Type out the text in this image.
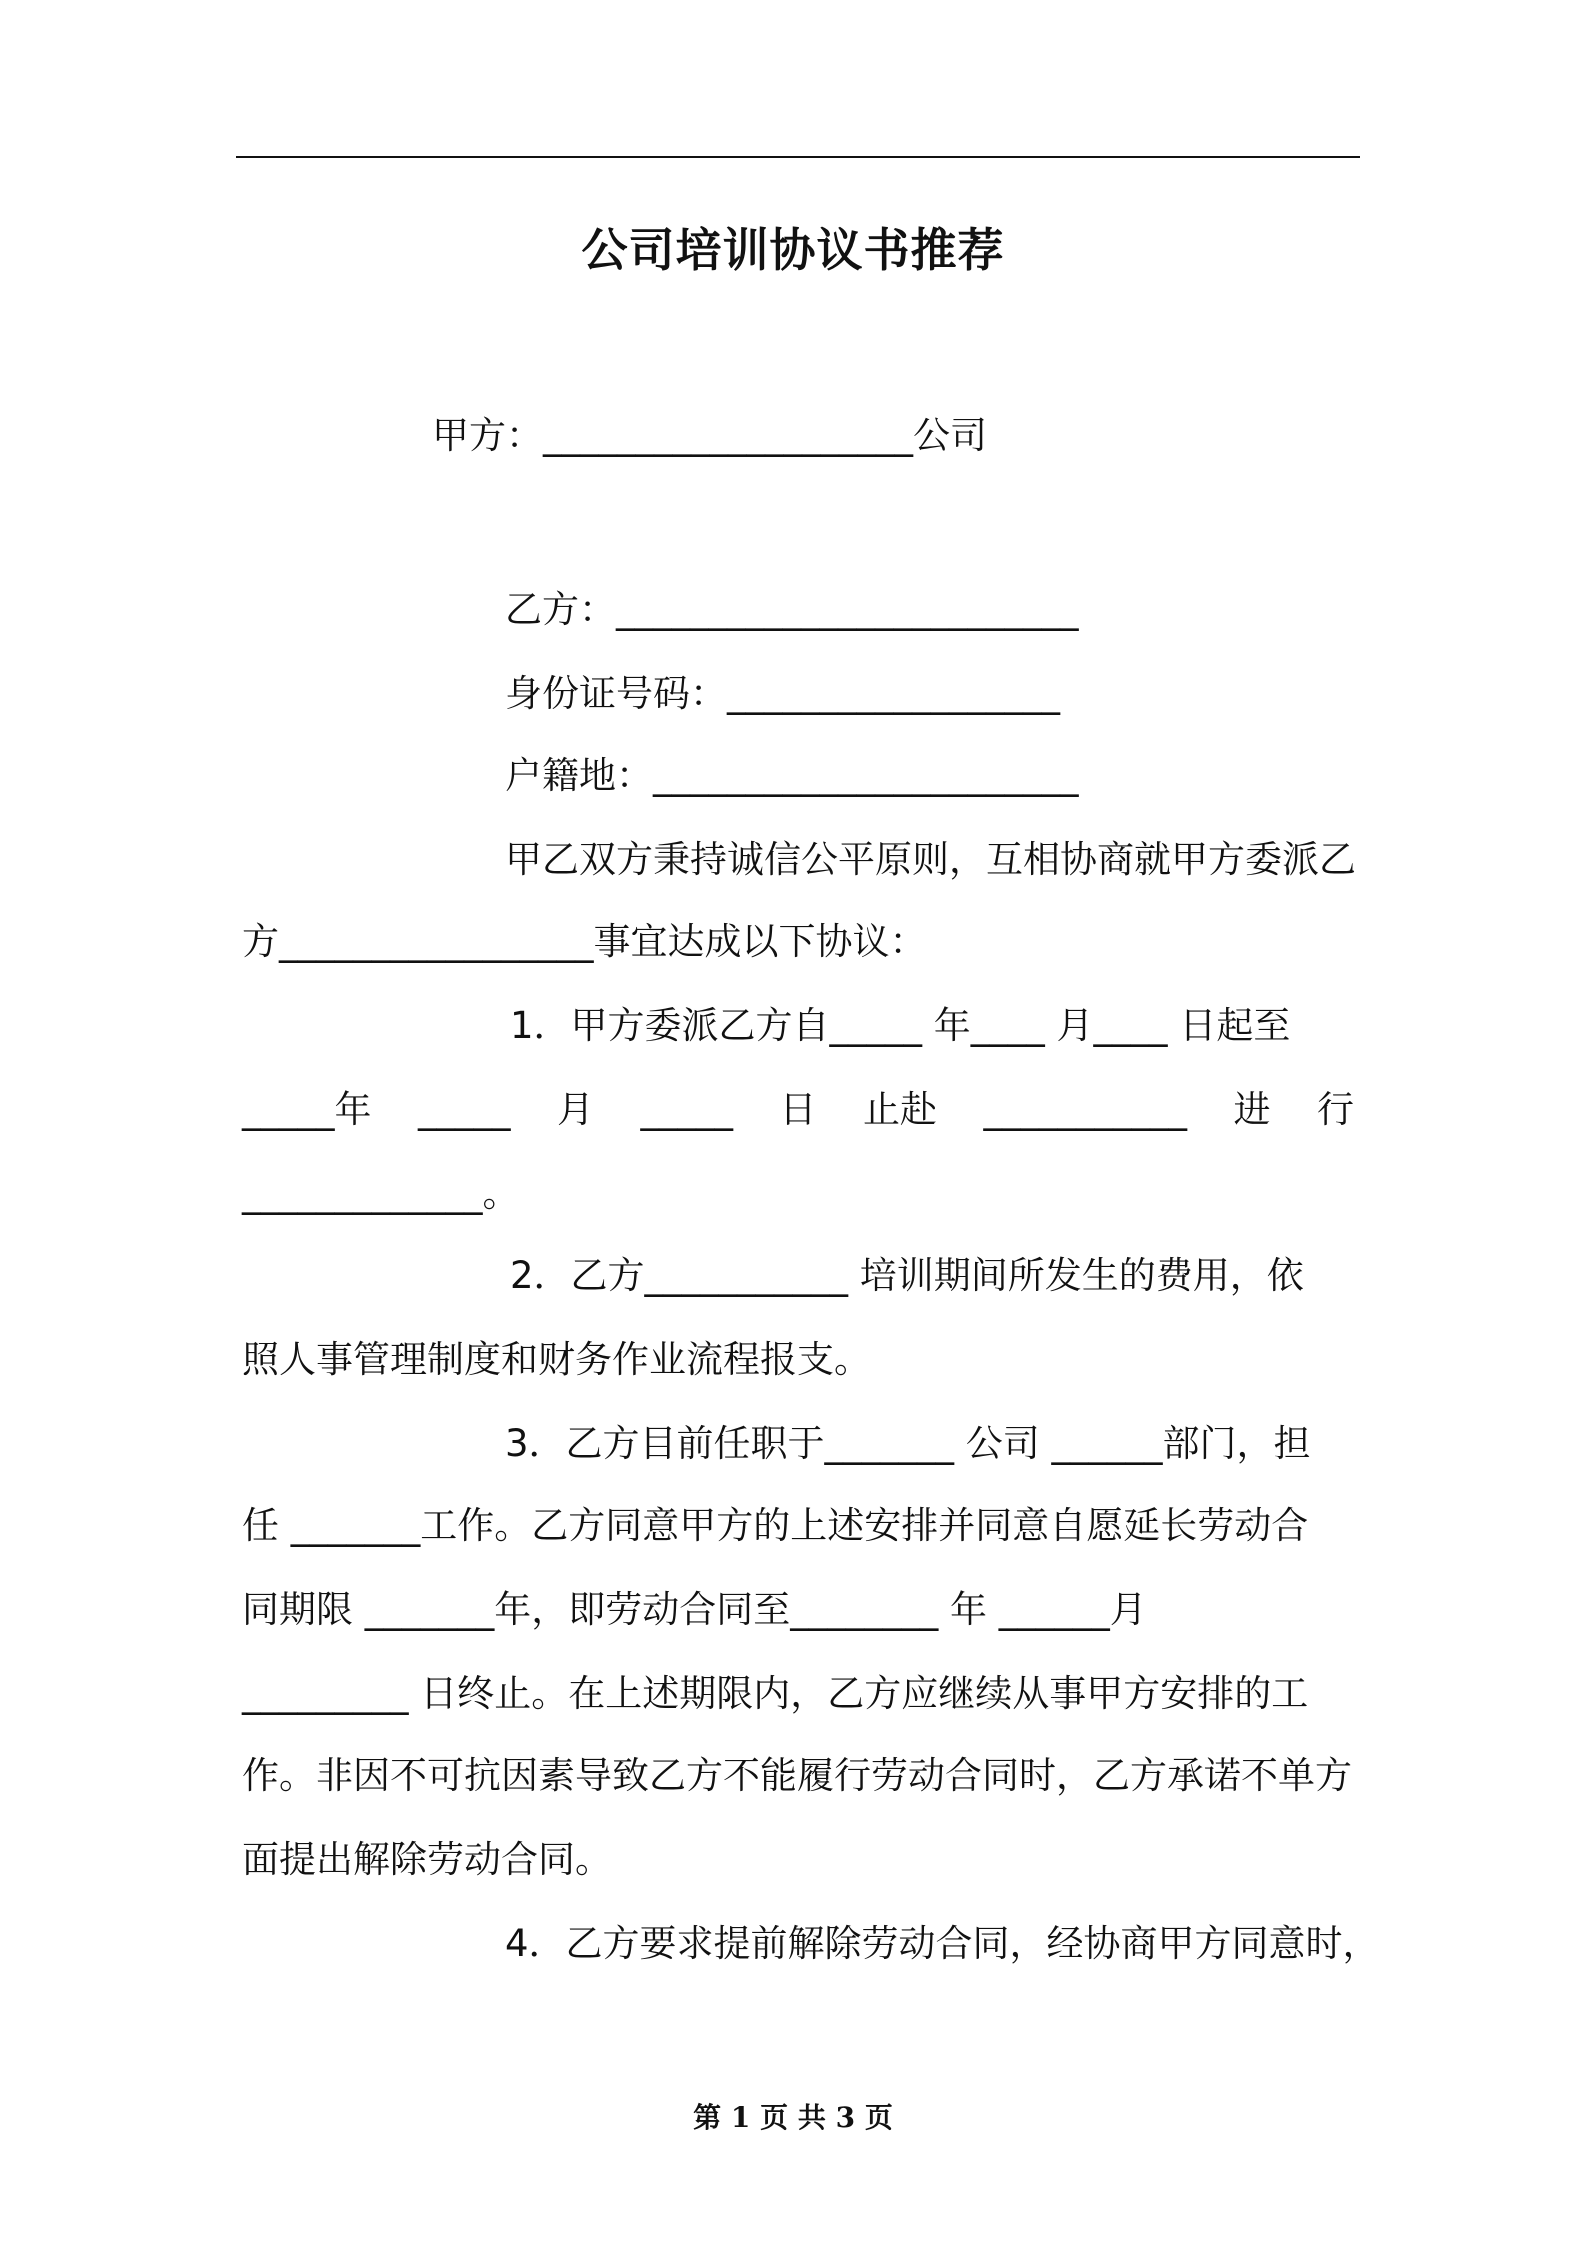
公司培训协议书推荐
甲方：____________________公司
乙方：_________________________
身份证号码：__________________
户籍地：_______________________
甲乙双方秉持诚信公平原则，互相协商就甲方委派乙
方_________________事宜达成以下协议：
1．甲方委派乙方自_____ 年____ 月____ 日起至
_____年 _____ 月 _____ 日 止赴 ___________ 进 行
_____________。
2．乙方___________ 培训期间所发生的费用，依
照人事管理制度和财务作业流程报支。
3．乙方目前任职于_______ 公司 ______部门，担
任 _______工作。乙方同意甲方的上述安排并同意自愿延长劳动合
同期限 _______年，即劳动合同至________ 年 ______月
_________ 日终止。在上述期限内，乙方应继续从事甲方安排的工
作。非因不可抗因素导致乙方不能履行劳动合同时，乙方承诺不单方
面提出解除劳动合同。
4．乙方要求提前解除劳动合同，经协商甲方同意时，
第 1 页 共 3 页
